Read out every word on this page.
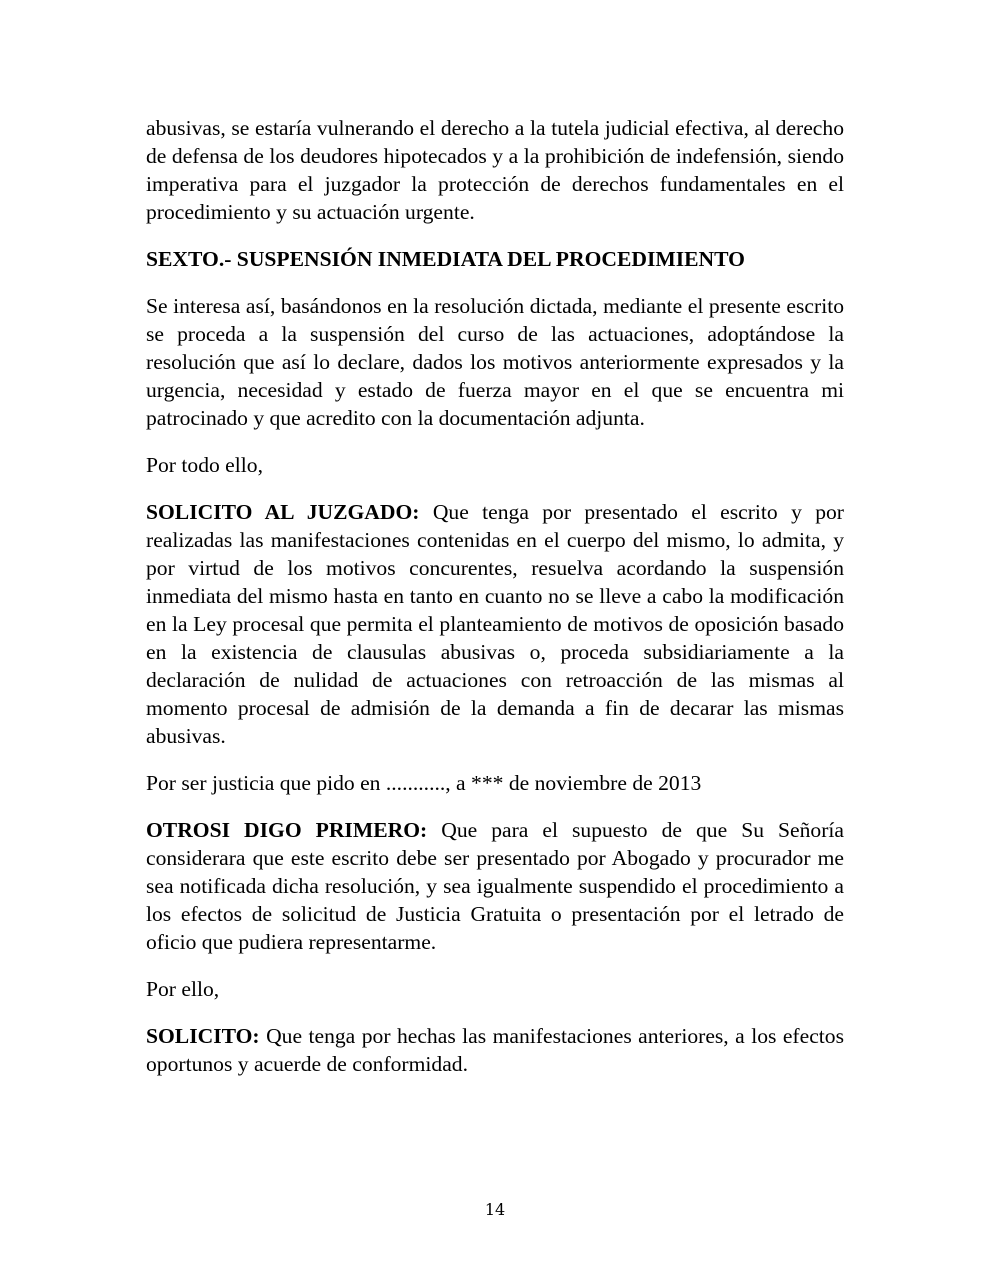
abusivas, se estaría vulnerando el derecho a la tutela judicial efectiva, al derecho de defensa de los deudores hipotecados y a la prohibición de indefensión, siendo imperativa para el juzgador la protección de derechos fundamentales en el procedimiento y su actuación urgente.

SEXTO.- SUSPENSIÓN INMEDIATA DEL PROCEDIMIENTO

Se interesa así, basándonos en la resolución dictada, mediante el presente escrito se proceda a la suspensión del curso de las actuaciones, adoptándose la resolución que así lo declare, dados los motivos anteriormente expresados y la urgencia, necesidad y estado de fuerza mayor en el que se encuentra mi patrocinado y que acredito con la documentación adjunta.

Por todo ello,

SOLICITO AL JUZGADO: Que tenga por presentado el escrito y por realizadas las manifestaciones contenidas en el cuerpo del mismo, lo admita, y por virtud de los motivos concurentes, resuelva acordando la suspensión inmediata del mismo hasta en tanto en cuanto no se lleve a cabo la modificación en la Ley procesal que permita el planteamiento de motivos de oposición basado en la existencia de clausulas abusivas o, proceda subsidiariamente a la declaración de nulidad de actuaciones con retroacción de las mismas al momento procesal de admisión de la demanda a fin de decarar las mismas abusivas.

Por ser justicia que pido en ..........., a *** de noviembre de 2013

OTROSI DIGO PRIMERO: Que para el supuesto de que Su Señoría considerara que este escrito debe ser presentado por Abogado y procurador me sea notificada dicha resolución, y sea igualmente suspendido el procedimiento a los efectos de solicitud de Justicia Gratuita o presentación por el letrado de oficio que pudiera representarme.

Por ello,

SOLICITO: Que tenga por hechas las manifestaciones anteriores, a los efectos oportunos y acuerde de conformidad.

14
